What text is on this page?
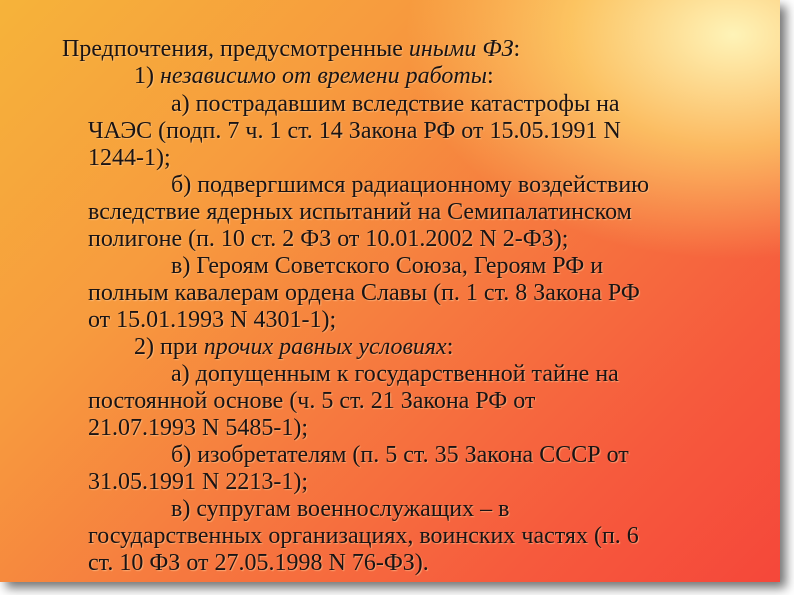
Предпочтения, предусмотренные иными ФЗ:
1) независимо от времени работы:
а) пострадавшим вследствие катастрофы на
ЧАЭС (подп. 7 ч. 1 ст. 14 Закона РФ от 15.05.1991 N
1244-1);
б) подвергшимся радиационному воздействию
вследствие ядерных испытаний на Семипалатинском
полигоне (п. 10 ст. 2 ФЗ от 10.01.2002 N 2-ФЗ);
в) Героям Советского Союза, Героям РФ и
полным кавалерам ордена Славы (п. 1 ст. 8 Закона РФ
от 15.01.1993 N 4301-1);
2) при прочих равных условиях:
а) допущенным к государственной тайне на
постоянной основе (ч. 5 ст. 21 Закона РФ от
21.07.1993 N 5485-1);
б) изобретателям (п. 5 ст. 35 Закона СССР от
31.05.1991 N 2213-1);
в) супругам военнослужащих – в
государственных организациях, воинских частях (п. 6
ст. 10 ФЗ от 27.05.1998 N 76-ФЗ).
